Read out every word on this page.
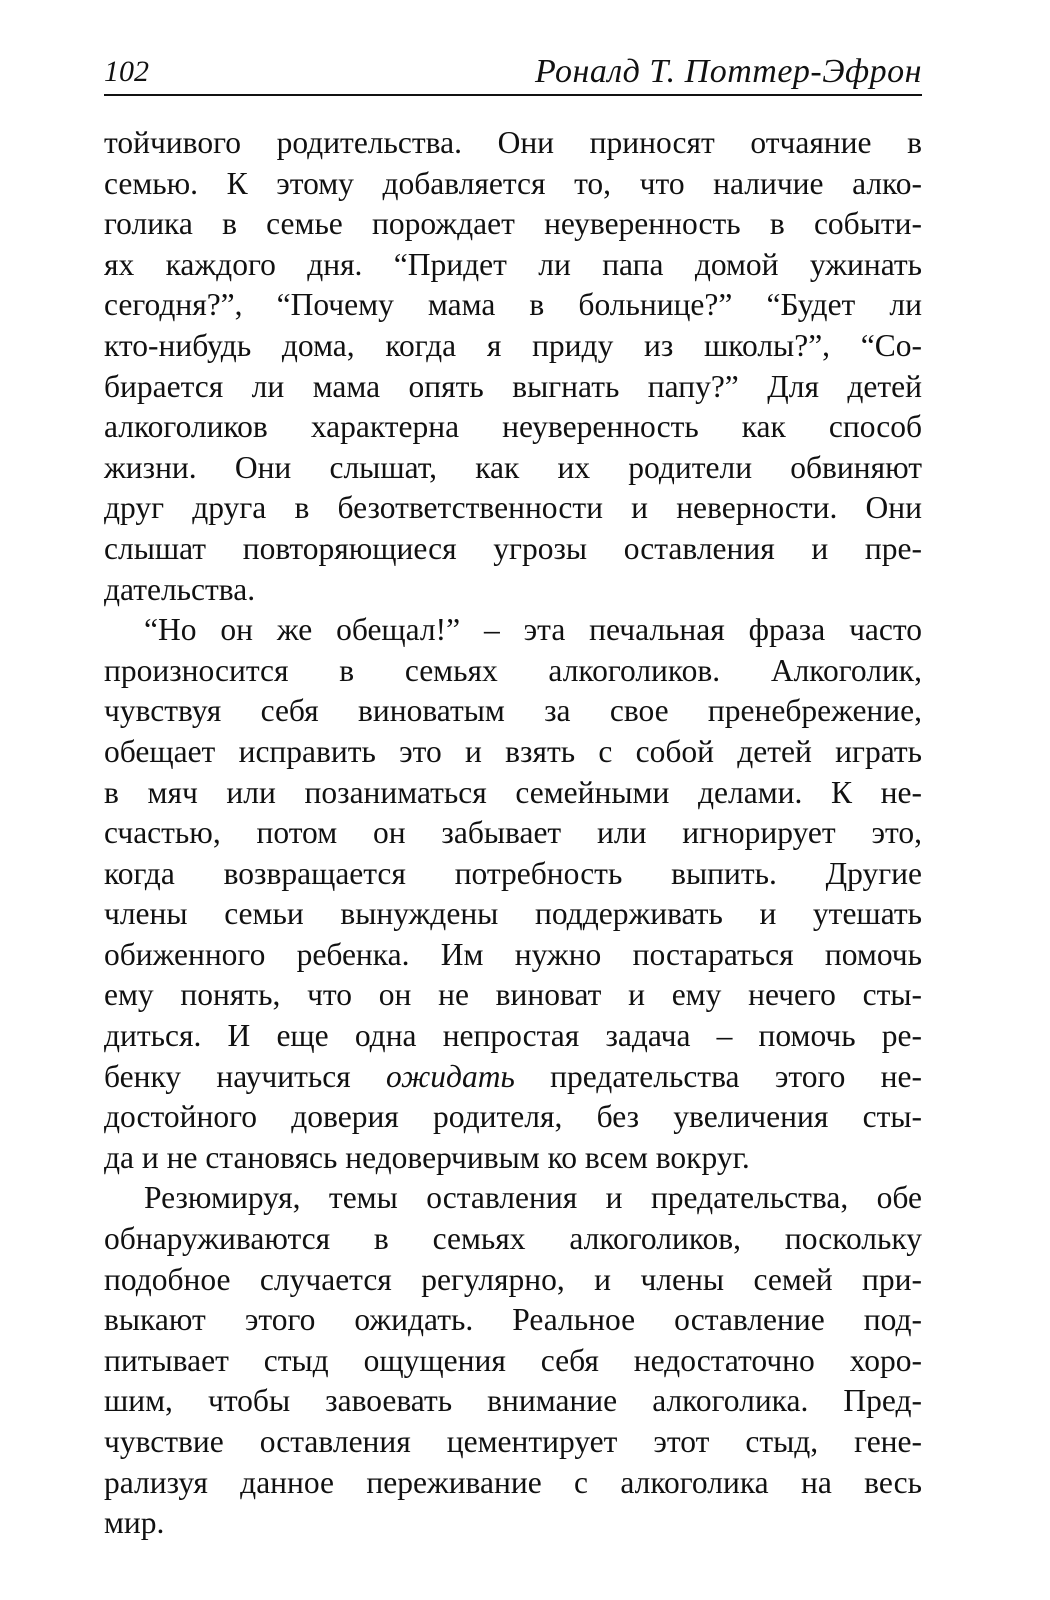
102	Роналд Т. Поттер-Эфрон

тойчивого родительства. Они приносят отчаяние в
семью. К этому добавляется то, что наличие алко-
голика в семье порождает неуверенность в событи-
ях каждого дня. “Придет ли папа домой ужинать
сегодня?”, “Почему мама в больнице?” “Будет ли
кто-нибудь дома, когда я приду из школы?”, “Со-
бирается ли мама опять выгнать папу?” Для детей
алкоголиков характерна неуверенность как способ
жизни. Они слышат, как их родители обвиняют
друг друга в безответственности и неверности. Они
слышат повторяющиеся угрозы оставления и пре-
дательства.

“Но он же обещал!” – эта печальная фраза часто
произносится в семьях алкоголиков. Алкоголик,
чувствуя себя виноватым за свое пренебрежение,
обещает исправить это и взять с собой детей играть
в мяч или позаниматься семейными делами. К не-
счастью, потом он забывает или игнорирует это,
когда возвращается потребность выпить. Другие
члены семьи вынуждены поддерживать и утешать
обиженного ребенка. Им нужно постараться помочь
ему понять, что он не виноват и ему нечего сты-
диться. И еще одна непростая задача – помочь ре-
бенку научиться ожидать предательства этого не-
достойного доверия родителя, без увеличения сты-
да и не становясь недоверчивым ко всем вокруг.

Резюмируя, темы оставления и предательства, обе
обнаруживаются в семьях алкоголиков, поскольку
подобное случается регулярно, и члены семей при-
выкают этого ожидать. Реальное оставление под-
питывает стыд ощущения себя недостаточно хоро-
шим, чтобы завоевать внимание алкоголика. Пред-
чувствие оставления цементирует этот стыд, гене-
рализуя данное переживание с алкоголика на весь
мир.
